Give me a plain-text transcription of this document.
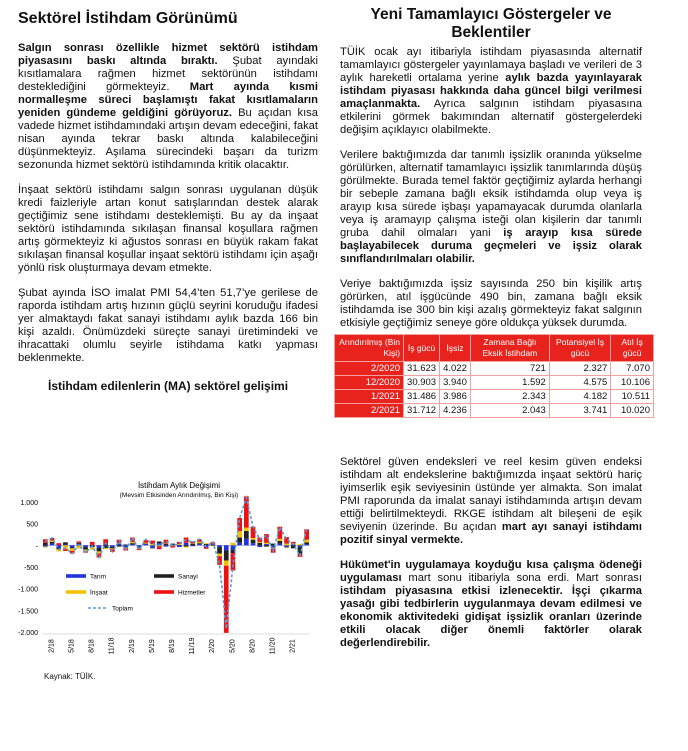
Sektörel İstihdam Görünümü

Salgın sonrası özellikle hizmet sektörü istihdam piyasasını baskı altında bıraktı. Şubat ayındaki kısıtlamalara rağmen hizmet sektörünün istihdamı desteklediğini görmekteyiz. Mart ayında kısmi normalleşme süreci başlamıştı fakat kısıtlamaların yeniden gündeme geldiğini görüyoruz. Bu açıdan kısa vadede hizmet istihdamındaki artışın devam edeceğini, fakat nisan ayında tekrar baskı altında kalabileceğini düşünmekteyiz. Aşılama sürecindeki başarı da turizm sezonunda hizmet sektörü istihdamında kritik olacaktır.

İnşaat sektörü istihdamı salgın sonrası uygulanan düşük kredi faizleriyle artan konut satışlarından destek alarak geçtiğimiz sene istihdamı desteklemişti. Bu ay da inşaat sektörü istihdamında sıkılaşan finansal koşullara rağmen artış görmekteyiz ki ağustos sonrası en büyük rakam fakat sıkılaşan finansal koşullar inşaat sektörü istihdamı için aşağı yönlü risk oluşturmaya devam etmekte.

Şubat ayında İSO imalat PMI 54,4’ten 51,7’ye gerilese de raporda istihdam artış hızının güçlü seyrini koruduğu ifadesi yer almaktaydı fakat sanayi istihdamı aylık bazda 166 bin kişi azaldı. Önümüzdeki süreçte sanayi üretimindeki ve ihracattaki olumlu seyirle istihdama katkı yapması beklenmekte.

İstihdam edilenlerin (MA) sektörel gelişimi
İstihdam Aylık Değişimi
(Mevsim Etkisinden Arındırılmış, Bin Kişi)
1.000
500
-
-500
-1.000
-1.500
-2.000
2/18 5/18 8/18 11/18 2/19 5/19 8/19 11/19 2/20 5/20 8/20 11/20 2/21
Tarım	Sanayi
İnşaat	Hizmetler
Toplam
Kaynak: TÜİK.
Yeni Tamamlayıcı Göstergeler ve Beklentiler

TÜİK ocak ayı itibariyla istihdam piyasasında alternatif tamamlayıcı göstergeler yayınlamaya başladı ve verileri de 3 aylık hareketli ortalama yerine aylık bazda yayınlayarak istihdam piyasası hakkında daha güncel bilgi verilmesi amaçlanmakta. Ayrıca salgının istihdam piyasasına etkilerini görmek bakımından alternatif göstergelerdeki değişim açıklayıcı olabilmekte.

Verilere baktığımızda dar tanımlı işsizlik oranında yükselme görülürken, alternatif tamamlayıcı işsizlik tanımlarında düşüş görülmekte. Burada temel faktör geçtiğimiz aylarda herhangi bir sebeple zamana bağlı eksik istihdamda olup veya iş arayıp kısa sürede işbaşı yapamayacak durumda olanlarla veya iş aramayıp çalışma isteği olan kişilerin dar tanımlı gruba dahil olmaları yani iş arayıp kısa sürede başlayabilecek duruma geçmeleri ve işsiz olarak sınıflandırılmaları olabilir.

Veriye baktığımızda işsiz sayısında 250 bin kişilik artış görürken, atıl işgücünde 490 bin, zamana bağlı eksik istihdamda ise 300 bin kişi azalış görmekteyiz fakat salgının etkisiyle geçtiğimiz seneye göre oldukça yüksek durumda.

Arındırılmış (Bin Kişi)	İş gücü	İşsiz	Zamana Bağlı Eksik İstihdam	Potansiyel İş gücü	Atıl İş gücü
2/2020	31.623	4.022	721	2.327	7.070
12/2020	30.903	3.940	1.592	4.575	10.106
1/2021	31.486	3.986	2.343	4.182	10.511
2/2021	31.712	4.236	2.043	3.741	10.020

Sektörel güven endeksleri ve reel kesim güven endeksi istihdam alt endekslerine baktığımızda inşaat sektörü hariç iyimserlik eşik seviyesinin üstünde yer almakta. Son imalat PMI raporunda da imalat sanayi istihdamında artışın devam ettiği belirtilmekteydi. RKGE istihdam alt bileşeni de eşik seviyenin üzerinde. Bu açıdan mart ayı sanayi istihdamı pozitif sinyal vermekte.

Hükümet'in uygulamaya koyduğu kısa çalışma ödeneği uygulaması mart sonu itibariyla sona erdi. Mart sonrası istihdam piyasasına etkisi izlenecektir. İşçi çıkarma yasağı gibi tedbirlerin uygulanmaya devam edilmesi ve ekonomik aktivitedeki gidişat işsizlik oranları üzerinde etkili olacak diğer önemli faktörler olarak değerlendirebilir.
